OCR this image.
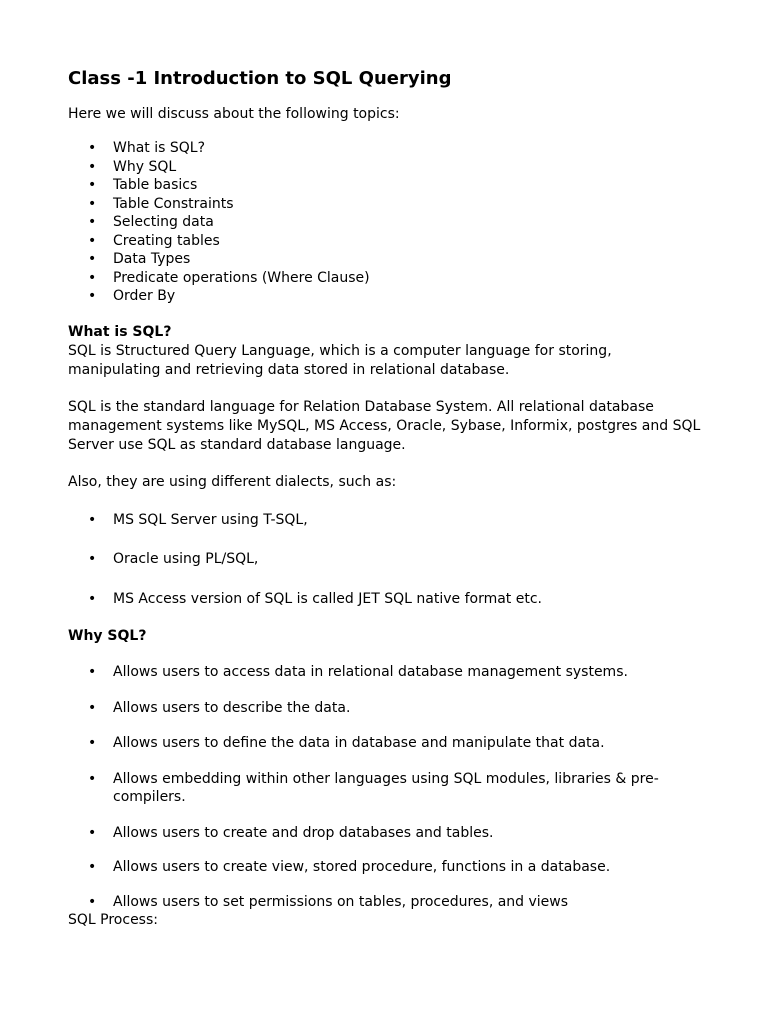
Class -1 Introduction to SQL Querying
Here we will discuss about the following topics:
• What is SQL?
• Why SQL
• Table basics
• Table Constraints
• Selecting data
• Creating tables
• Data Types
• Predicate operations (Where Clause)
• Order By
What is SQL?
SQL is Structured Query Language, which is a computer language for storing, manipulating and retrieving data stored in relational database.
SQL is the standard language for Relation Database System. All relational database management systems like MySQL, MS Access, Oracle, Sybase, Informix, postgres and SQL Server use SQL as standard database language.
Also, they are using different dialects, such as:
• MS SQL Server using T-SQL,
• Oracle using PL/SQL,
• MS Access version of SQL is called JET SQL native format etc.
Why SQL?
• Allows users to access data in relational database management systems.
• Allows users to describe the data.
• Allows users to define the data in database and manipulate that data.
• Allows embedding within other languages using SQL modules, libraries & pre-compilers.
• Allows users to create and drop databases and tables.
• Allows users to create view, stored procedure, functions in a database.
• Allows users to set permissions on tables, procedures, and views
SQL Process:
